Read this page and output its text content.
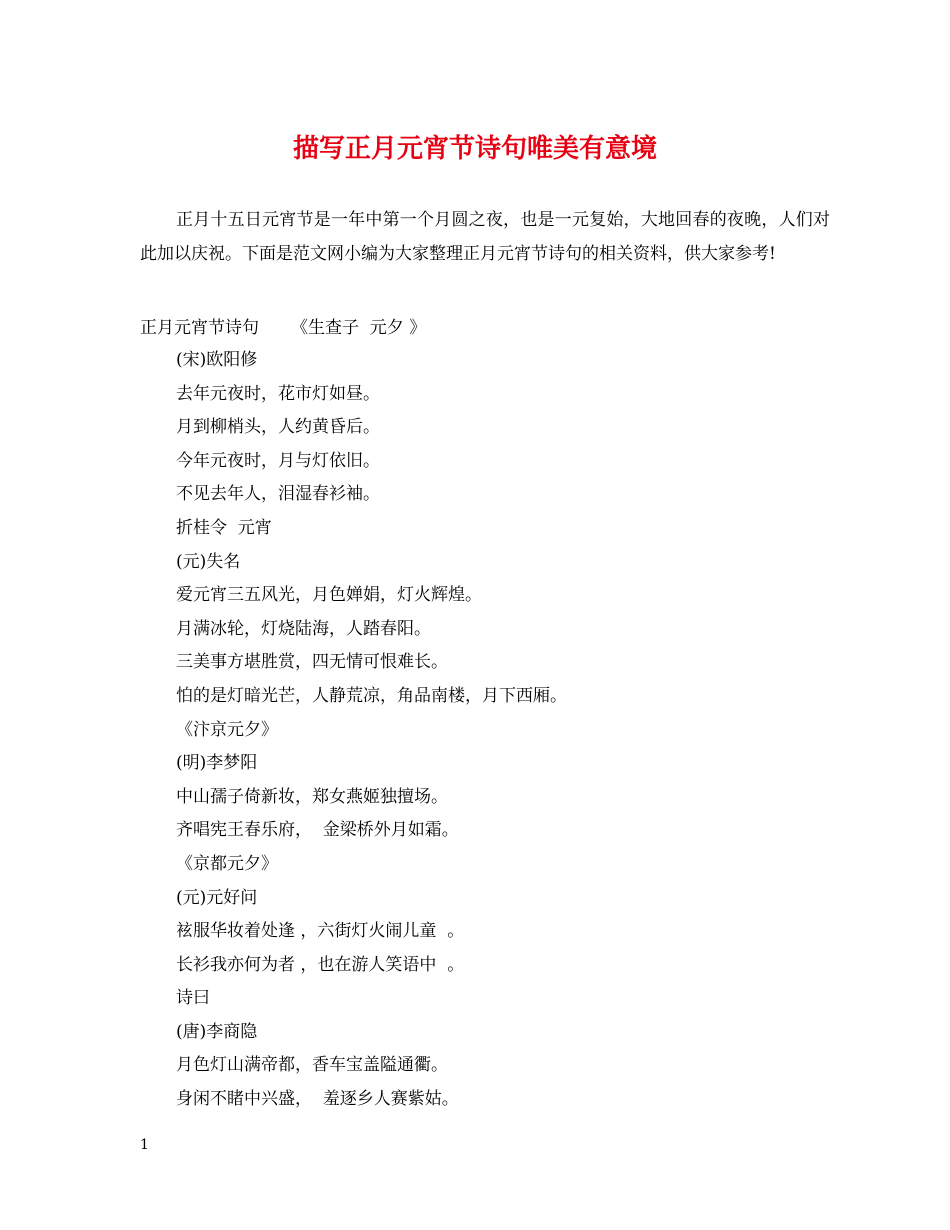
描写正月元宵节诗句唯美有意境

正月十五日元宵节是一年中第一个月圆之夜，也是一元复始，大地回春的夜晚，人们对此加以庆祝。下面是范文网小编为大家整理正月元宵节诗句的相关资料，供大家参考!

正月元宵节诗句 《生查子  元夕 》
(宋)欧阳修
去年元夜时，花市灯如昼。
月到柳梢头，人约黄昏后。
今年元夜时，月与灯依旧。
不见去年人，泪湿春衫袖。
折桂令  元宵
(元)失名
爱元宵三五风光，月色婵娟，灯火辉煌。
月满冰轮，灯烧陆海，人踏春阳。
三美事方堪胜赏，四无情可恨难长。
怕的是灯暗光芒，人静荒凉，角品南楼，月下西厢。
《汴京元夕》
(明)李梦阳
中山孺子倚新妆，郑女燕姬独擅场。
齐唱宪王春乐府，  金梁桥外月如霜。
《京都元夕》
(元)元好问
袨服华妆着处逢 ，六街灯火闹儿童  。
长衫我亦何为者 ，也在游人笑语中  。
诗曰
(唐)李商隐
月色灯山满帝都，香车宝盖隘通衢。
身闲不睹中兴盛，  羞逐乡人赛紫姑。
1
